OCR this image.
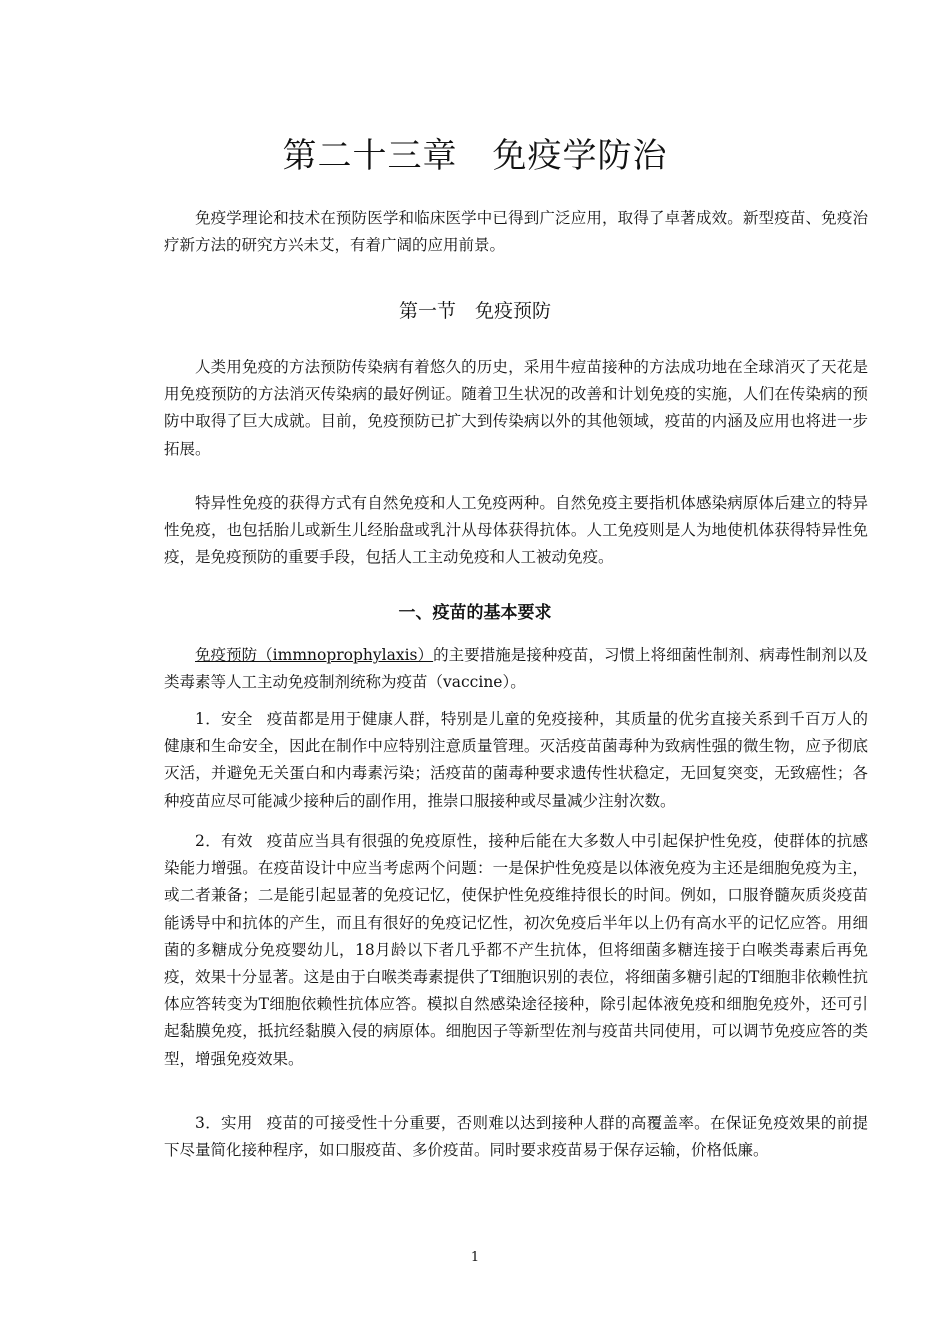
第二十三章　免疫学防治

免疫学理论和技术在预防医学和临床医学中已得到广泛应用，取得了卓著成效。新型疫苗、免疫治疗新方法的研究方兴未艾，有着广阔的应用前景。

第一节　免疫预防

人类用免疫的方法预防传染病有着悠久的历史，采用牛痘苗接种的方法成功地在全球消灭了天花是用免疫预防的方法消灭传染病的最好例证。随着卫生状况的改善和计划免疫的实施，人们在传染病的预防中取得了巨大成就。目前，免疫预防已扩大到传染病以外的其他领域，疫苗的内涵及应用也将进一步拓展。

特异性免疫的获得方式有自然免疫和人工免疫两种。自然免疫主要指机体感染病原体后建立的特异性免疫，也包括胎儿或新生儿经胎盘或乳汁从母体获得抗体。人工免疫则是人为地使机体获得特异性免疫，是免疫预防的重要手段，包括人工主动免疫和人工被动免疫。

一、疫苗的基本要求

免疫预防（immnoprophylaxis）的主要措施是接种疫苗，习惯上将细菌性制剂、病毒性制剂以及类毒素等人工主动免疫制剂统称为疫苗（vaccine）。

1．安全 疫苗都是用于健康人群，特别是儿童的免疫接种，其质量的优劣直接关系到千百万人的健康和生命安全，因此在制作中应特别注意质量管理。灭活疫苗菌毒种为致病性强的微生物，应予彻底灭活，并避免无关蛋白和内毒素污染；活疫苗的菌毒种要求遗传性状稳定，无回复突变，无致癌性；各种疫苗应尽可能减少接种后的副作用，推崇口服接种或尽量减少注射次数。

2．有效 疫苗应当具有很强的免疫原性，接种后能在大多数人中引起保护性免疫，使群体的抗感染能力增强。在疫苗设计中应当考虑两个问题：一是保护性免疫是以体液免疫为主还是细胞免疫为主，或二者兼备；二是能引起显著的免疫记忆，使保护性免疫维持很长的时间。例如，口服脊髓灰质炎疫苗能诱导中和抗体的产生，而且有很好的免疫记忆性，初次免疫后半年以上仍有高水平的记忆应答。用细菌的多糖成分免疫婴幼儿，18月龄以下者几乎都不产生抗体，但将细菌多糖连接于白喉类毒素后再免疫，效果十分显著。这是由于白喉类毒素提供了T细胞识别的表位，将细菌多糖引起的T细胞非依赖性抗体应答转变为T细胞依赖性抗体应答。模拟自然感染途径接种，除引起体液免疫和细胞免疫外，还可引起黏膜免疫，抵抗经黏膜入侵的病原体。细胞因子等新型佐剂与疫苗共同使用，可以调节免疫应答的类型，增强免疫效果。

3．实用 疫苗的可接受性十分重要，否则难以达到接种人群的高覆盖率。在保证免疫效果的前提下尽量简化接种程序，如口服疫苗、多价疫苗。同时要求疫苗易于保存运输，价格低廉。

1
